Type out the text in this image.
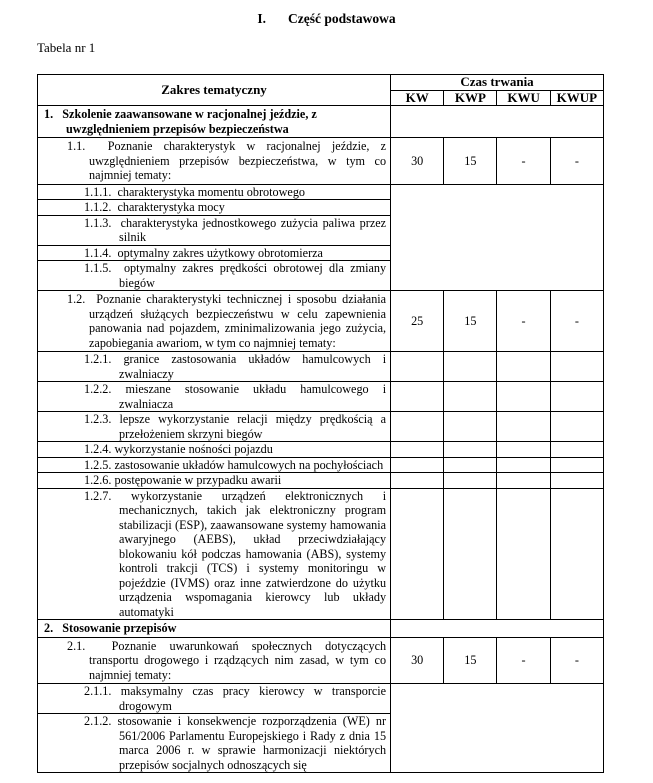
I. Część podstawowa
Tabela nr 1
Zakres tematyczny	Czas trwania			
	KW	KWP	KWU	KWUP
1.   Szkolenie zaawansowane w racjonalnej jeździe, z uwzględnieniem przepisów bezpieczeństwa				
1.1.  Poznanie charakterystyk w racjonalnej jeździe, z uwzględnieniem przepisów bezpieczeństwa, w tym co najmniej tematy:	30	15	-	-
1.1.1.  charakterystyka momentu obrotowego				
1.1.2.  charakterystyka mocy				
1.1.3.  charakterystyka jednostkowego zużycia paliwa przez silnik				
1.1.4.  optymalny zakres użytkowy obrotomierza				
1.1.5.  optymalny zakres prędkości obrotowej dla zmiany biegów				
1.2.  Poznanie charakterystyki technicznej i sposobu działania urządzeń służących bezpieczeństwu w celu zapewnienia panowania nad pojazdem, zminimalizowania jego zużycia, zapobiegania awariom, w tym co najmniej tematy:	25	15	-	-
1.2.1. granice zastosowania układów hamulcowych i zwalniaczy				
1.2.2. mieszane stosowanie układu hamulcowego i zwalniacza				
1.2.3. lepsze wykorzystanie relacji między prędkością a przełożeniem skrzyni biegów				
1.2.4. wykorzystanie nośności pojazdu				
1.2.5. zastosowanie układów hamulcowych na pochyłościach				
1.2.6. postępowanie w przypadku awarii				
1.2.7. wykorzystanie urządzeń elektronicznych i mechanicznych, takich jak elektroniczny program stabilizacji (ESP), zaawansowane systemy hamowania awaryjnego (AEBS), układ przeciwdziałający blokowaniu kół podczas hamowania (ABS), systemy kontroli trakcji (TCS) i systemy monitoringu w pojeździe (IVMS) oraz inne zatwierdzone do użytku urządzenia wspomagania kierowcy lub układy automatyki				
2.   Stosowanie przepisów				
2.1.  Poznanie uwarunkowań społecznych dotyczących transportu drogowego i rządzących nim zasad, w tym co najmniej tematy:	30	15	-	-
2.1.1. maksymalny czas pracy kierowcy w transporcie drogowym				
2.1.2. stosowanie i konsekwencje rozporządzenia (WE) nr 561/2006 Parlamentu Europejskiego i Rady z dnia 15 marca 2006 r. w sprawie harmonizacji niektórych przepisów socjalnych odnoszących się				
